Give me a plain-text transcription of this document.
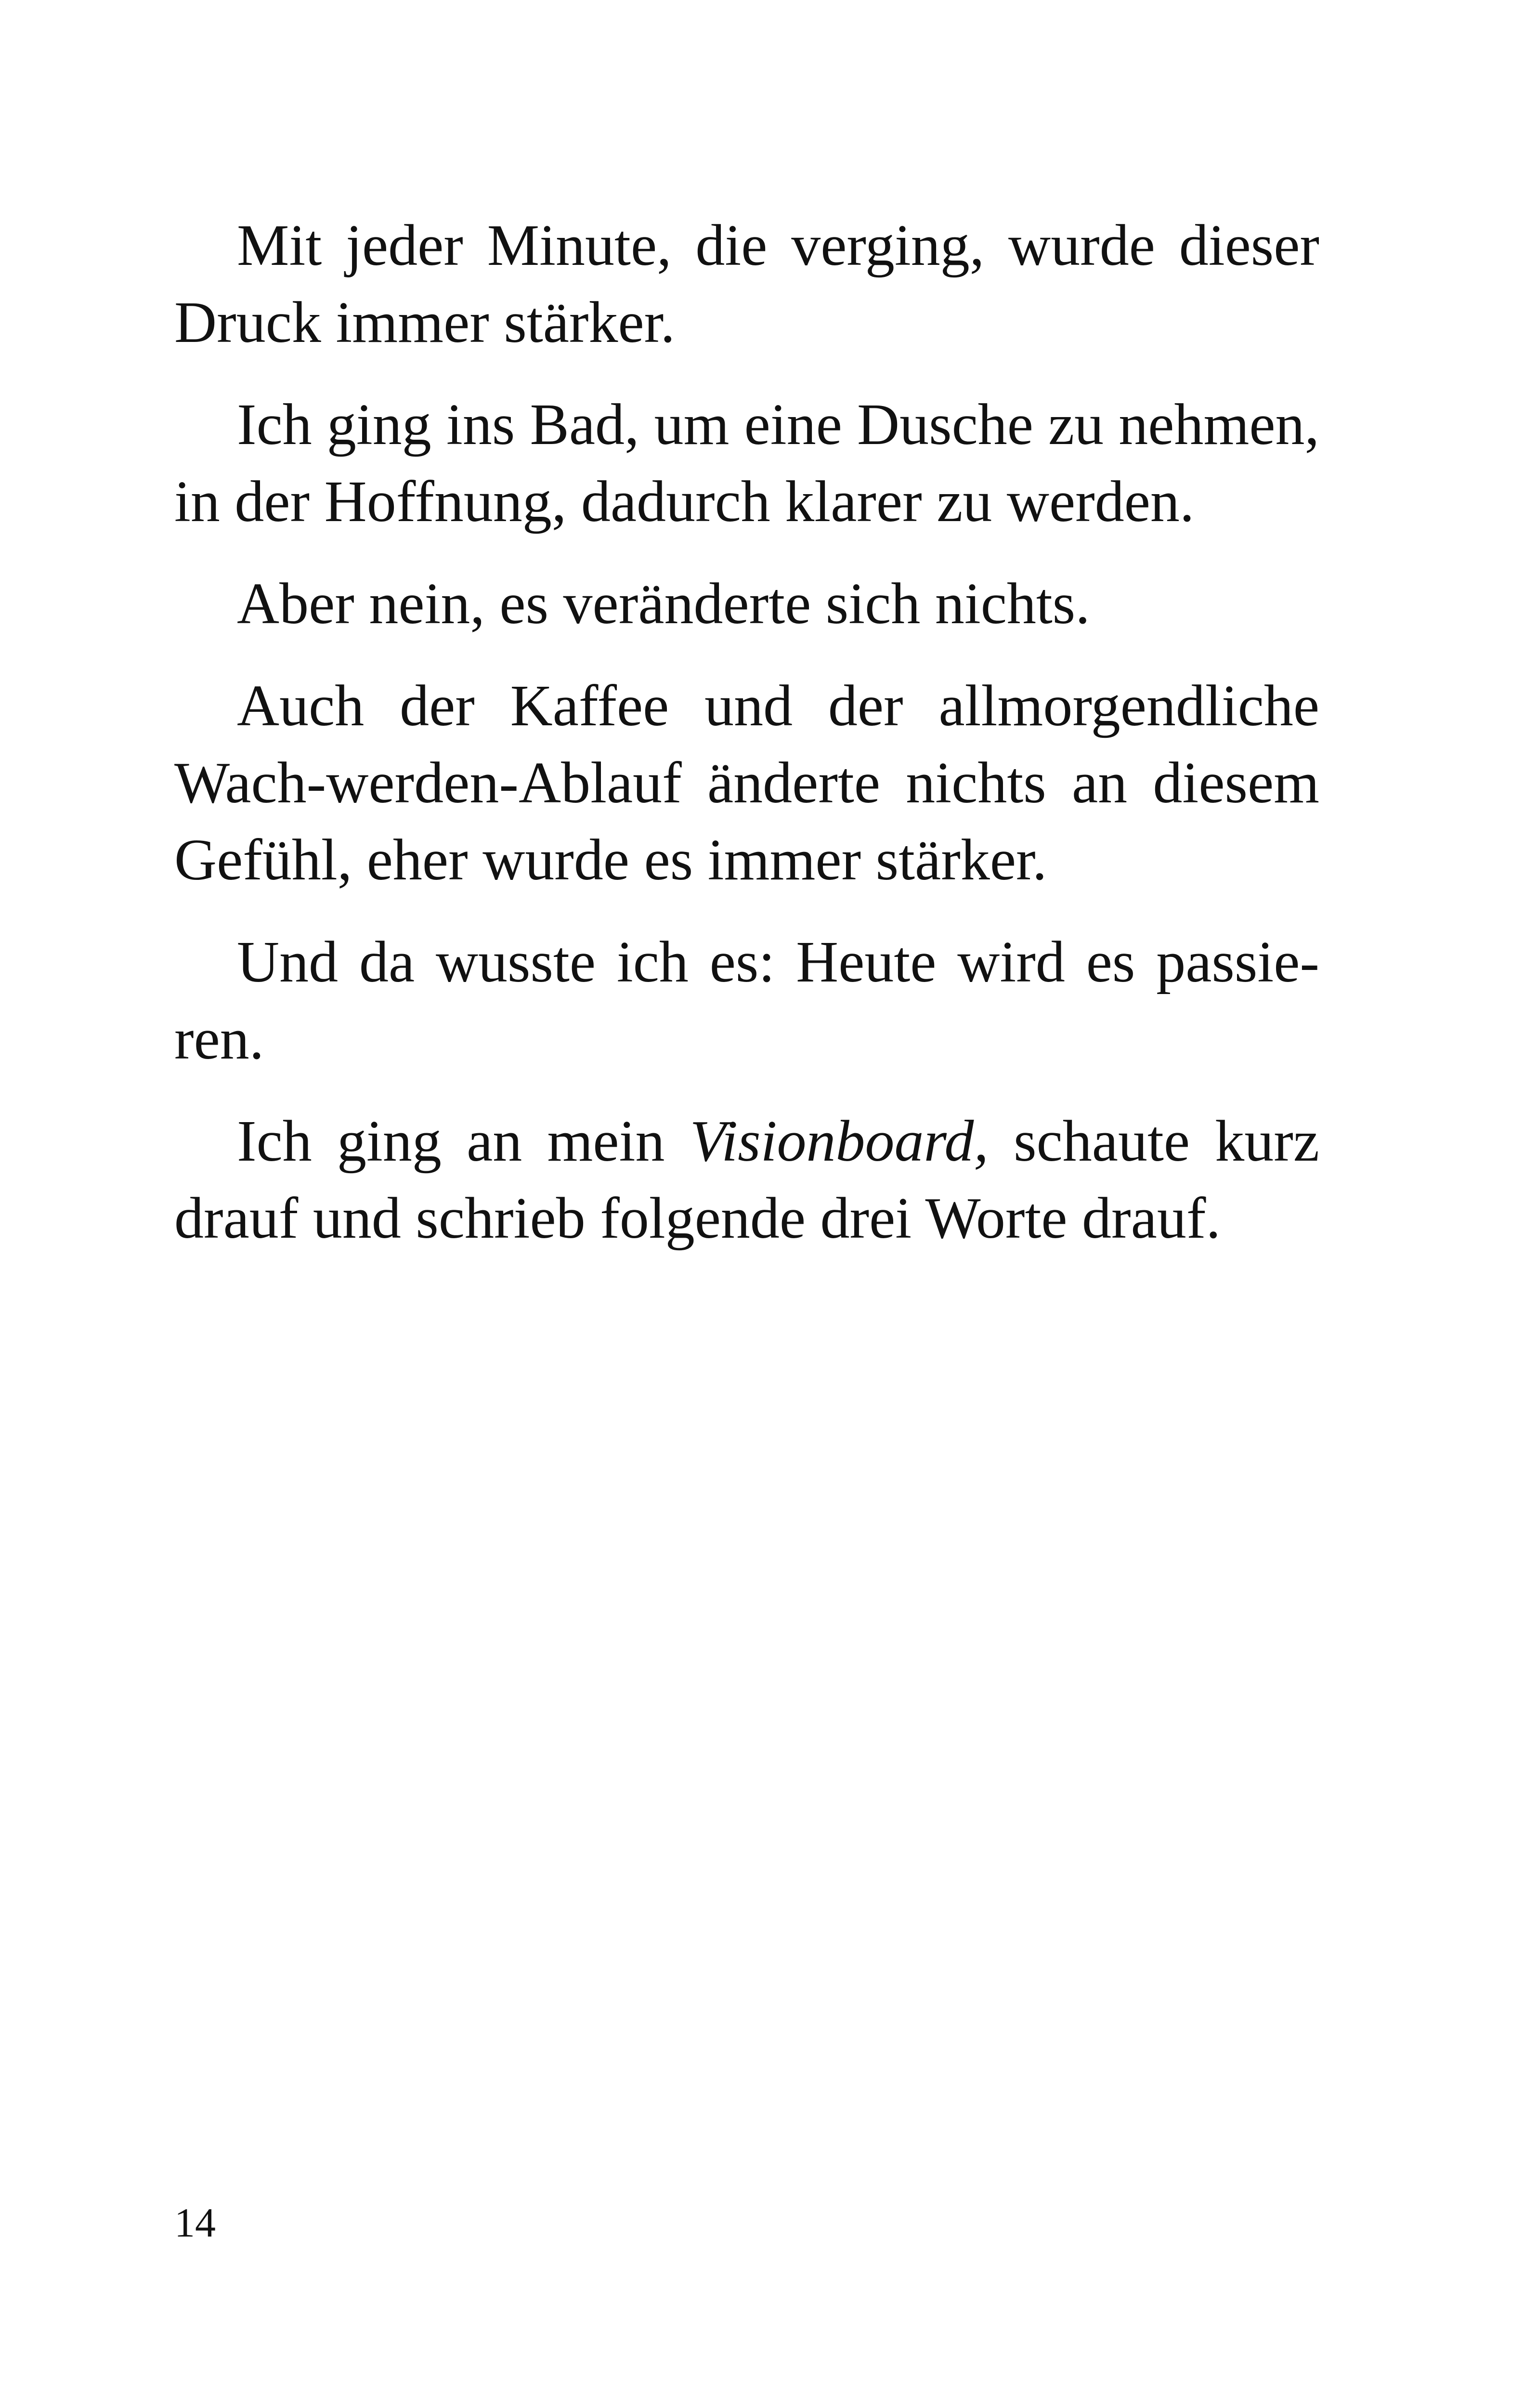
Mit jeder Minute, die verging, wurde dieser
Druck immer stärker.

Ich ging ins Bad, um eine Dusche zu nehmen,
in der Hoffnung, dadurch klarer zu werden.

Aber nein, es veränderte sich nichts.

Auch der Kaffee und der allmorgendliche
Wach-werden-Ablauf änderte nichts an diesem
Gefühl, eher wurde es immer stärker.

Und da wusste ich es: Heute wird es passie-
ren.

Ich ging an mein Visionboard, schaute kurz
drauf und schrieb folgende drei Worte drauf.

14
